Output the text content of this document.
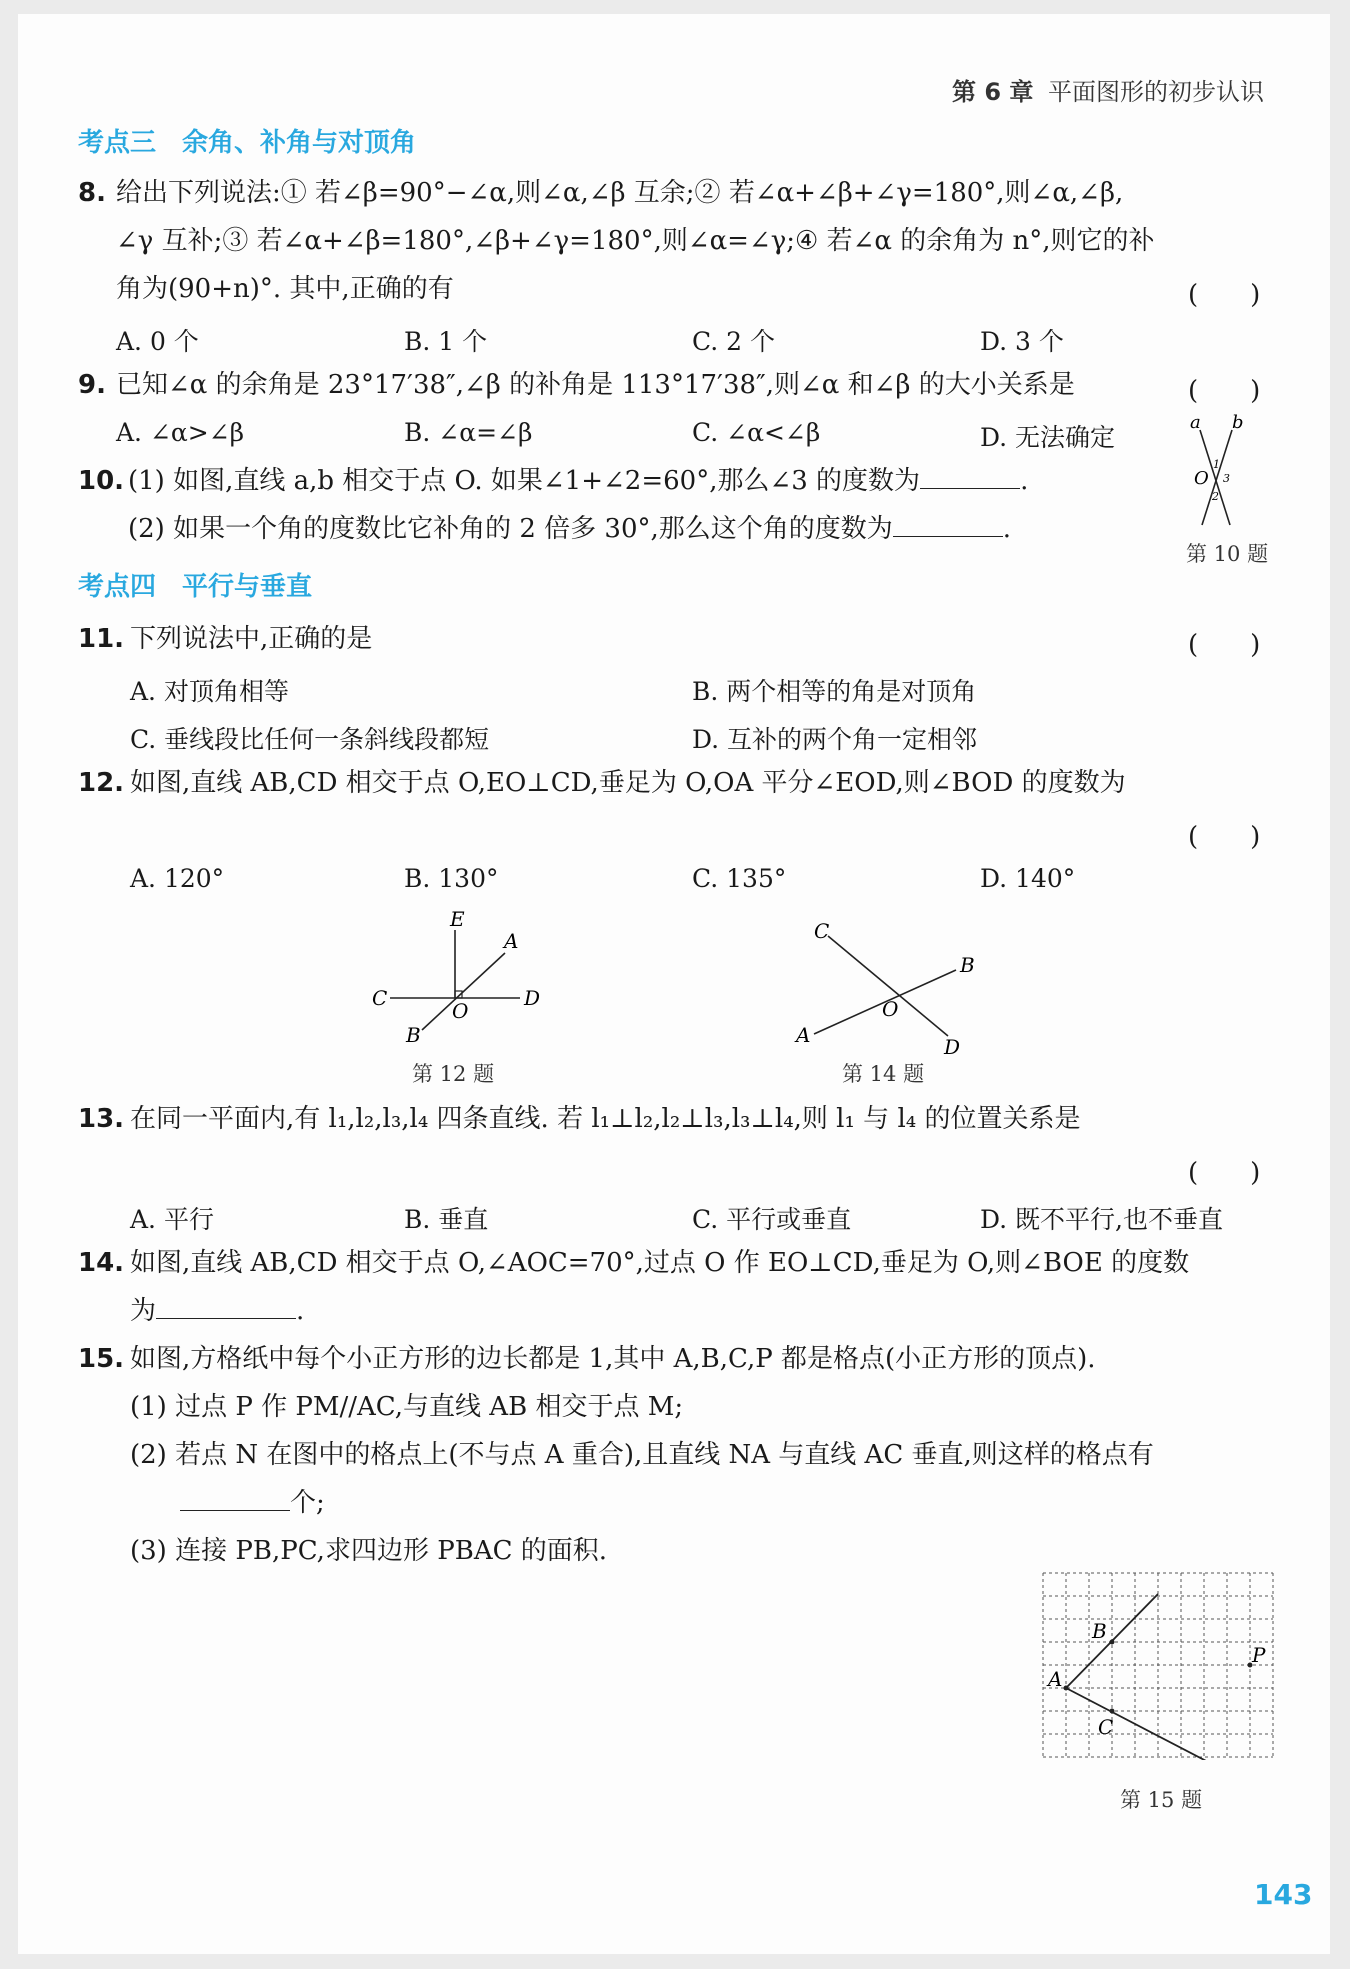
第 6 章 平面图形的初步认识
考点三　余角、补角与对顶角
8. 给出下列说法:① 若∠β=90°−∠α,则∠α,∠β 互余;② 若∠α+∠β+∠γ=180°,则∠α,∠β,
∠γ 互补;③ 若∠α+∠β=180°,∠β+∠γ=180°,则∠α=∠γ;④ 若∠α 的余角为 n°,则它的补
角为(90+n)°. 其中,正确的有	(　　)
A. 0 个	B. 1 个	C. 2 个	D. 3 个
9. 已知∠α 的余角是 23°17′38″,∠β 的补角是 113°17′38″,则∠α 和∠β 的大小关系是	(　　)
A. ∠α>∠β	B. ∠α=∠β	C. ∠α<∠β	D. 无法确定
a b
O
1
2
3
第 10 题
10. (1) 如图,直线 a,b 相交于点 O. 如果∠1+∠2=60°,那么∠3 的度数为	.
(2) 如果一个角的度数比它补角的 2 倍多 30°,那么这个角的度数为	.
考点四　平行与垂直
11. 下列说法中,正确的是	(　　)
A. 对顶角相等	B. 两个相等的角是对顶角
C. 垂线段比任何一条斜线段都短	D. 互补的两个角一定相邻
12. 如图,直线 AB,CD 相交于点 O,EO⊥CD,垂足为 O,OA 平分∠EOD,则∠BOD 的度数为
(　　)
A. 120°	B. 130°	C. 135°	D. 140°
E
A
C
O
D
B
第 12 题
C
B
O
A	D
第 14 题
13. 在同一平面内,有 l₁,l₂,l₃,l₄ 四条直线. 若 l₁⊥l₂,l₂⊥l₃,l₃⊥l₄,则 l₁ 与 l₄ 的位置关系是
(　　)
A. 平行	B. 垂直	C. 平行或垂直	D. 既不平行,也不垂直
14. 如图,直线 AB,CD 相交于点 O,∠AOC=70°,过点 O 作 EO⊥CD,垂足为 O,则∠BOE 的度数
为	.
15. 如图,方格纸中每个小正方形的边长都是 1,其中 A,B,C,P 都是格点(小正方形的顶点).
(1) 过点 P 作 PM//AC,与直线 AB 相交于点 M;
(2) 若点 N 在图中的格点上(不与点 A 重合),且直线 NA 与直线 AC 垂直,则这样的格点有
个;
(3) 连接 PB,PC,求四边形 PBAC 的面积.
B
P
A
C
第 15 题
143
